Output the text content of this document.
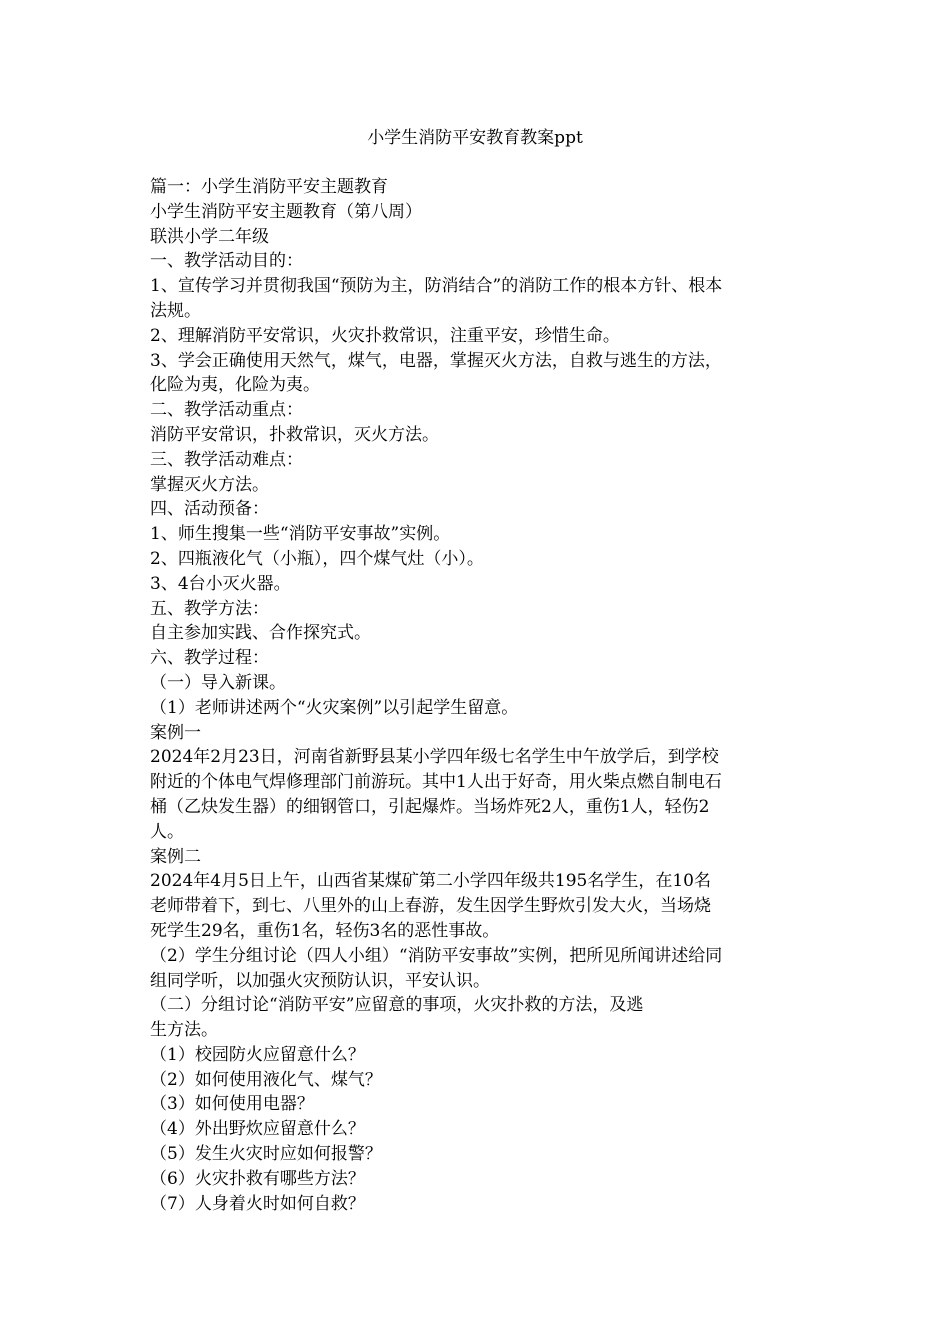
小学生消防平安教育教案ppt

篇一：小学生消防平安主题教育

小学生消防平安主题教育（第八周）

联洪小学二年级

一、教学活动目的：

1、宣传学习并贯彻我国“预防为主，防消结合”的消防工作的根本方针、根本

法规。

2、理解消防平安常识，火灾扑救常识，注重平安，珍惜生命。

3、学会正确使用天然气，煤气，电器，掌握灭火方法，自救与逃生的方法，

化险为夷，化险为夷。

二、教学活动重点：

消防平安常识，扑救常识，灭火方法。

三、教学活动难点：

掌握灭火方法。

四、活动预备：

1、师生搜集一些“消防平安事故”实例。

2、四瓶液化气（小瓶），四个煤气灶（小）。

3、4台小灭火器。

五、教学方法：

自主参加实践、合作探究式。

六、教学过程：

（一）导入新课。

（1）老师讲述两个“火灾案例”以引起学生留意。

案例一

2024年2月23日，河南省新野县某小学四年级七名学生中午放学后，到学校

附近的个体电气焊修理部门前游玩。其中1人出于好奇，用火柴点燃自制电石

桶（乙炔发生器）的细钢管口，引起爆炸。当场炸死2人，重伤1人，轻伤2

人。

案例二

2024年4月5日上午，山西省某煤矿第二小学四年级共195名学生，在10名

老师带着下，到七、八里外的山上春游，发生因学生野炊引发大火，当场烧

死学生29名，重伤1名，轻伤3名的恶性事故。

（2）学生分组讨论（四人小组）“消防平安事故”实例，把所见所闻讲述给同

组同学听，以加强火灾预防认识，平安认识。

（二）分组讨论“消防平安”应留意的事项，火灾扑救的方法，及逃

生方法。

（1）校园防火应留意什么？

（2）如何使用液化气、煤气？

（3）如何使用电器？

（4）外出野炊应留意什么？

（5）发生火灾时应如何报警？

（6）火灾扑救有哪些方法？

（7）人身着火时如何自救？
